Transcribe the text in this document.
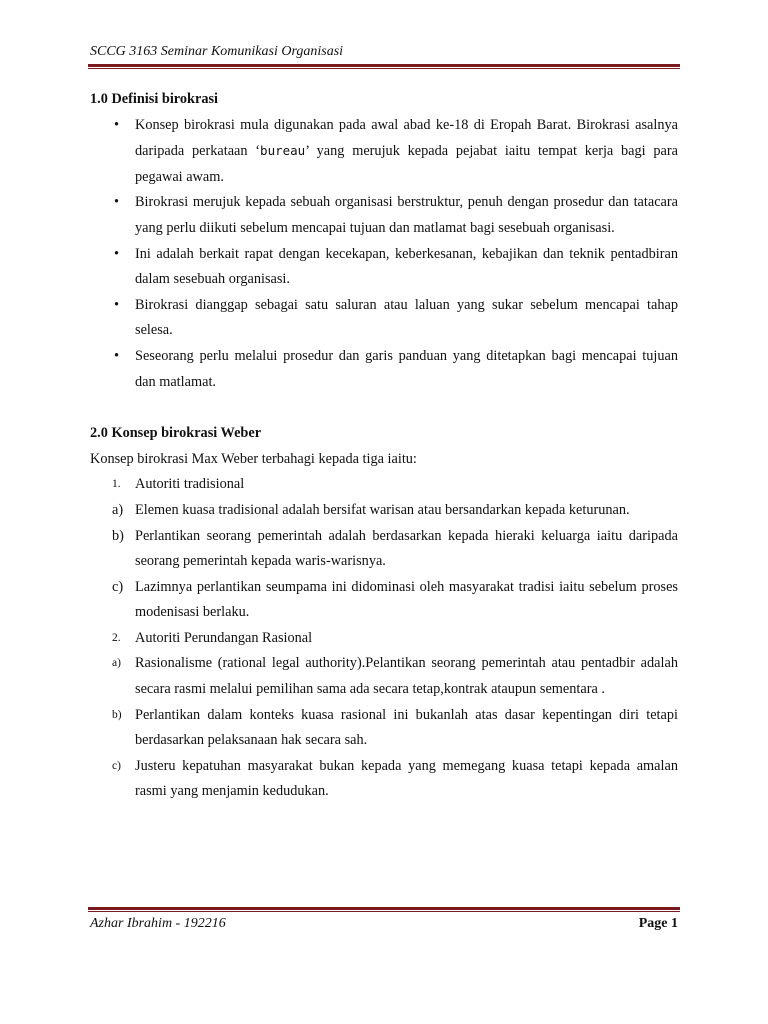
SCCG 3163 Seminar Komunikasi Organisasi
1.0 Definisi birokrasi
• Konsep birokrasi mula digunakan pada awal abad ke-18 di Eropah Barat. Birokrasi asalnya daripada perkataan ‘bureau’ yang merujuk kepada pejabat iaitu tempat kerja bagi para pegawai awam.
• Birokrasi merujuk kepada sebuah organisasi berstruktur, penuh dengan prosedur dan tatacara yang perlu diikuti sebelum mencapai tujuan dan matlamat bagi sesebuah organisasi.
• Ini adalah berkait rapat dengan kecekapan, keberkesanan, kebajikan dan teknik pentadbiran dalam sesebuah organisasi.
• Birokrasi dianggap sebagai satu saluran atau laluan yang sukar sebelum mencapai tahap selesa.
• Seseorang perlu melalui prosedur dan garis panduan yang ditetapkan bagi mencapai tujuan dan matlamat.
2.0 Konsep birokrasi Weber

Konsep birokrasi Max Weber terbahagi kepada tiga iaitu:

1. Autoriti tradisional
a) Elemen kuasa tradisional adalah bersifat warisan atau bersandarkan kepada keturunan.
b) Perlantikan seorang pemerintah adalah berdasarkan kepada hieraki keluarga iaitu daripada seorang pemerintah kepada waris-warisnya.
c) Lazimnya perlantikan seumpama ini didominasi oleh masyarakat tradisi iaitu sebelum proses modenisasi berlaku.
2. Autoriti Perundangan Rasional
a) Rasionalisme (rational legal authority).Pelantikan seorang pemerintah atau pentadbir adalah secara rasmi melalui pemilihan sama ada secara tetap,kontrak ataupun sementara .
b) Perlantikan dalam konteks kuasa rasional ini bukanlah atas dasar kepentingan diri tetapi berdasarkan pelaksanaan hak secara sah.
c) Justeru kepatuhan masyarakat bukan kepada yang memegang kuasa tetapi kepada amalan rasmi yang menjamin kedudukan.
Azhar Ibrahim - 192216	Page 1
